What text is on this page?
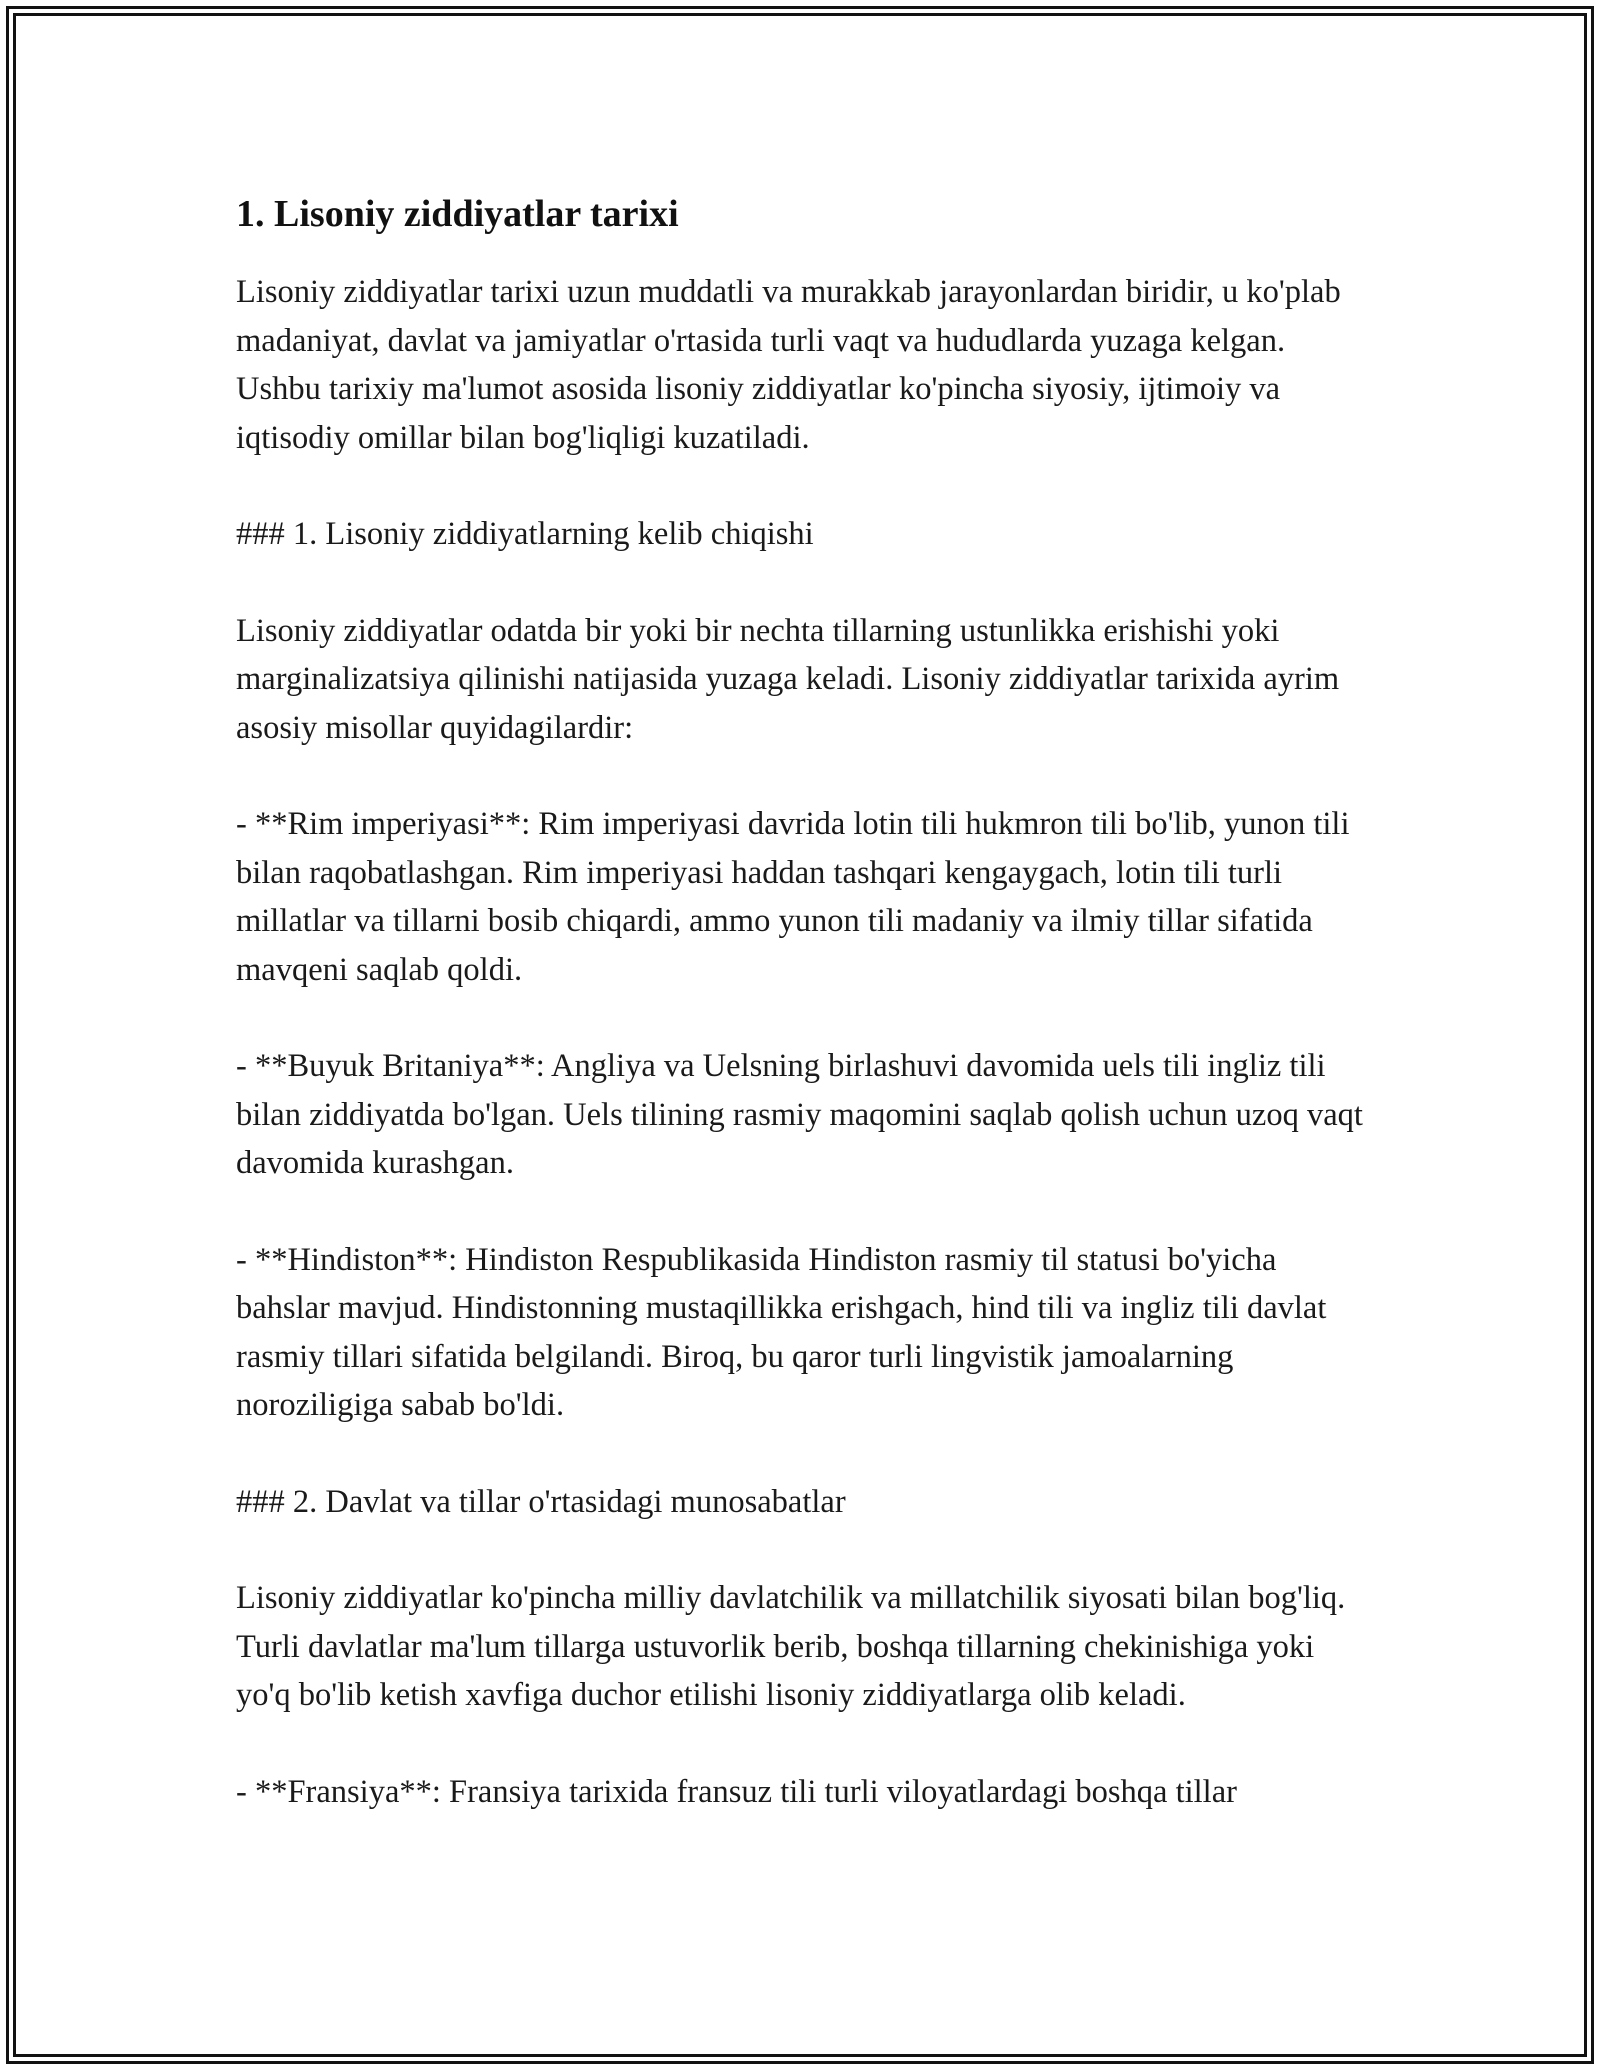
1. Lisoniy ziddiyatlar tarixi

Lisoniy ziddiyatlar tarixi uzun muddatli va murakkab jarayonlardan biridir, u ko'plab madaniyat, davlat va jamiyatlar o'rtasida turli vaqt va hududlarda yuzaga kelgan. Ushbu tarixiy ma'lumot asosida lisoniy ziddiyatlar ko'pincha siyosiy, ijtimoiy va iqtisodiy omillar bilan bog'liqligi kuzatiladi.

### 1. Lisoniy ziddiyatlarning kelib chiqishi

Lisoniy ziddiyatlar odatda bir yoki bir nechta tillarning ustunlikka erishishi yoki marginalizatsiya qilinishi natijasida yuzaga keladi. Lisoniy ziddiyatlar tarixida ayrim asosiy misollar quyidagilardir:

- **Rim imperiyasi**: Rim imperiyasi davrida lotin tili hukmron tili bo'lib, yunon tili bilan raqobatlashgan. Rim imperiyasi haddan tashqari kengaygach, lotin tili turli millatlar va tillarni bosib chiqardi, ammo yunon tili madaniy va ilmiy tillar sifatida mavqeni saqlab qoldi.

- **Buyuk Britaniya**: Angliya va Uelsning birlashuvi davomida uels tili ingliz tili bilan ziddiyatda bo'lgan. Uels tilining rasmiy maqomini saqlab qolish uchun uzoq vaqt davomida kurashgan.

- **Hindiston**: Hindiston Respublikasida Hindiston rasmiy til statusi bo'yicha bahslar mavjud. Hindistonning mustaqillikka erishgach, hind tili va ingliz tili davlat rasmiy tillari sifatida belgilandi. Biroq, bu qaror turli lingvistik jamoalarning noroziligiga sabab bo'ldi.

### 2. Davlat va tillar o'rtasidagi munosabatlar

Lisoniy ziddiyatlar ko'pincha milliy davlatchilik va millatchilik siyosati bilan bog'liq. Turli davlatlar ma'lum tillarga ustuvorlik berib, boshqa tillarning chekinishiga yoki yo'q bo'lib ketish xavfiga duchor etilishi lisoniy ziddiyatlarga olib keladi.

- **Fransiya**: Fransiya tarixida fransuz tili turli viloyatlardagi boshqa tillar
